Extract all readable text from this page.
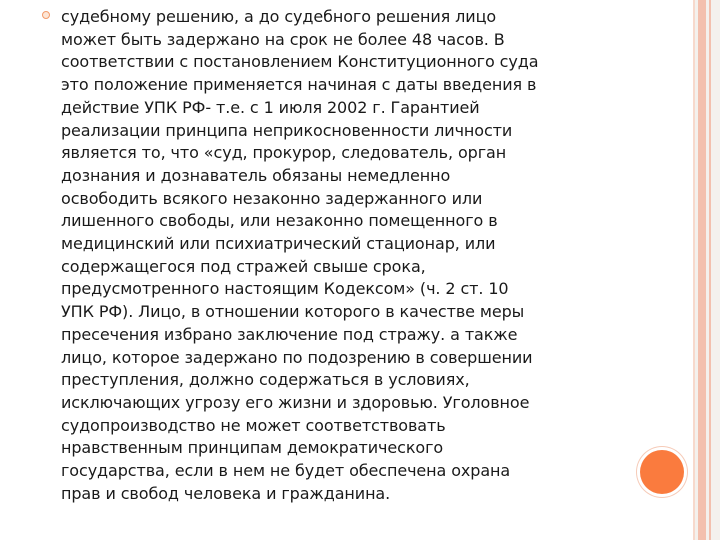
судебному решению, а до судебного решения лицо
может быть задержано на срок не более 48 часов. В
соответствии с постановлением Конституционного суда
это положение применяется начиная с даты введения в
действие УПК РФ- т.е. с 1 июля 2002 г. Гарантией
реализации принципа неприкосновенности личности
является то, что «суд, прокурор, следователь, орган
дознания и дознаватель обязаны немедленно
освободить всякого незаконно задержанного или
лишенного свободы, или незаконно помещенного в
медицинский или психиатрический стационар, или
содержащегося под стражей свыше срока,
предусмотренного настоящим Кодексом» (ч. 2 ст. 10
УПК РФ). Лицо, в отношении которого в качестве меры
пресечения избрано заключение под стражу. а также
лицо, которое задержано по подозрению в совершении
преступления, должно содержаться в условиях,
исключающих угрозу его жизни и здоровью. Уголовное
судопроизводство не может соответствовать
нравственным принципам демократического
государства, если в нем не будет обеспечена охрана
прав и свобод человека и гражданина.
